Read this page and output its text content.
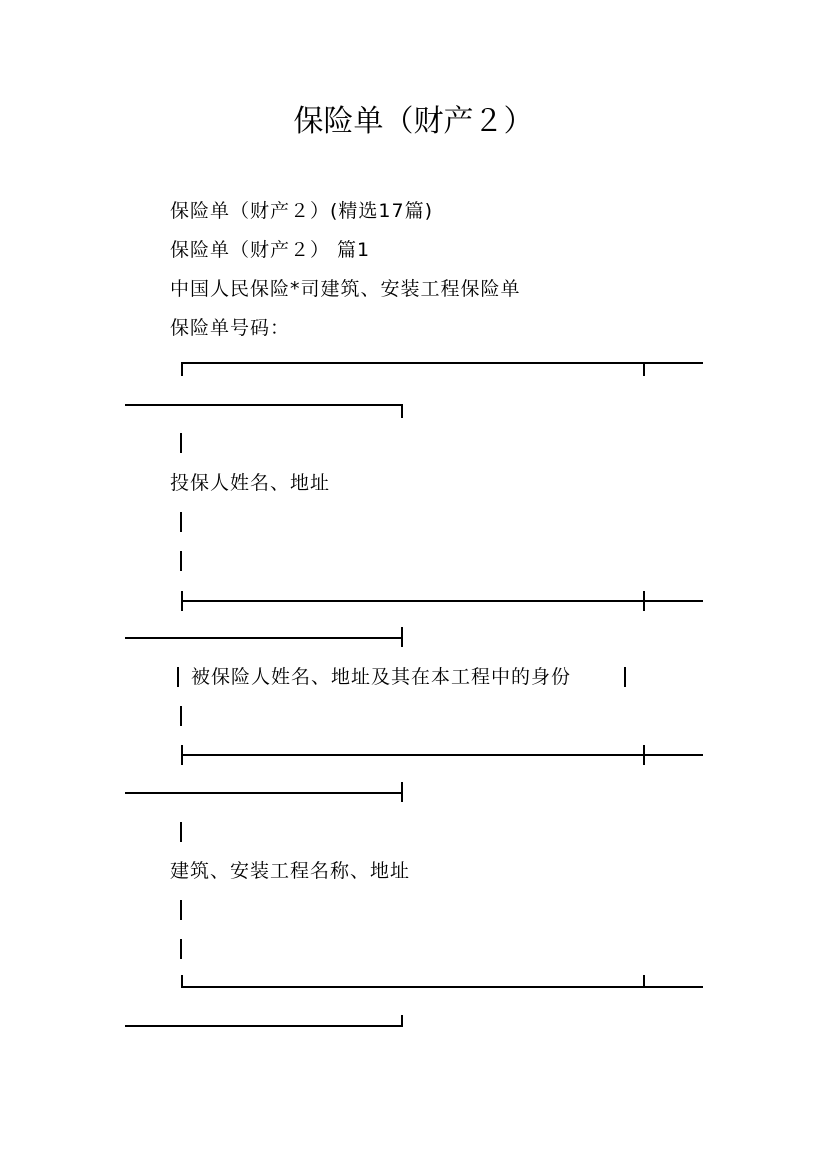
保险单（财产２）
保险单（财产２）(精选17篇)
保险单（财产２） 篇1
中国人民保险*司建筑、安装工程保险单
保险单号码：
投保人姓名、地址
被保险人姓名、地址及其在本工程中的身份
建筑、安装工程名称、地址
